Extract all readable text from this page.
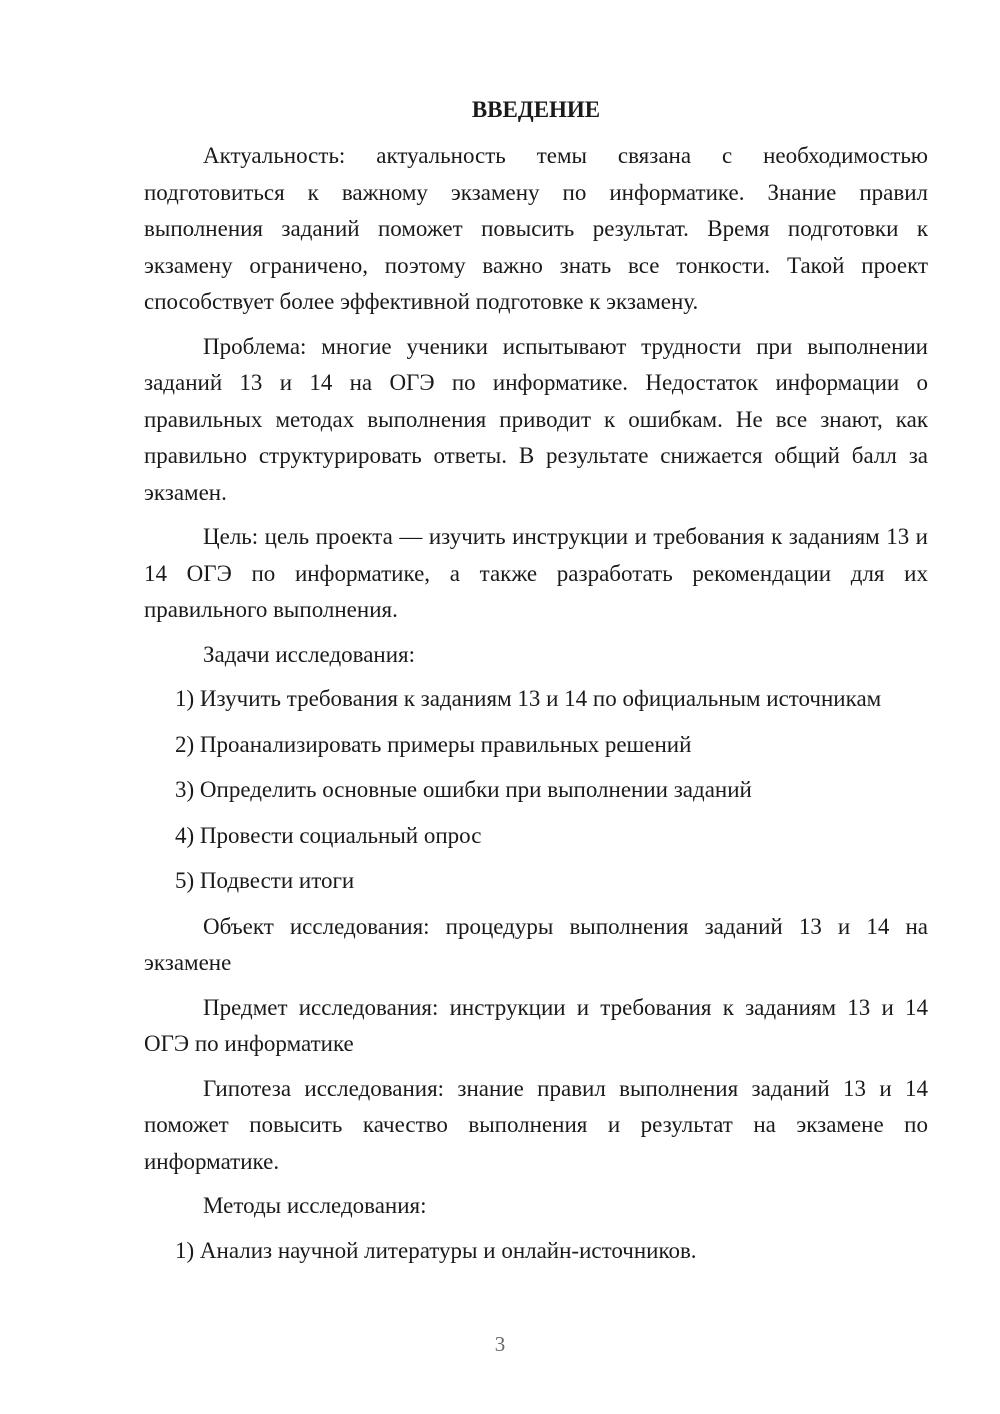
ВВЕДЕНИЕ

Актуальность: актуальность темы связана с необходимостью подготовиться к важному экзамену по информатике. Знание правил выполнения заданий поможет повысить результат. Время подготовки к экзамену ограничено, поэтому важно знать все тонкости. Такой проект способствует более эффективной подготовке к экзамену.

Проблема: многие ученики испытывают трудности при выполнении заданий 13 и 14 на ОГЭ по информатике. Недостаток информации о правильных методах выполнения приводит к ошибкам. Не все знают, как правильно структурировать ответы. В результате снижается общий балл за экзамен.

Цель: цель проекта — изучить инструкции и требования к заданиям 13 и 14 ОГЭ по информатике, а также разработать рекомендации для их правильного выполнения.

Задачи исследования:

1) Изучить требования к заданиям 13 и 14 по официальным источникам

2) Проанализировать примеры правильных решений

3) Определить основные ошибки при выполнении заданий

4) Провести социальный опрос

5) Подвести итоги

Объект исследования: процедуры выполнения заданий 13 и 14 на экзамене

Предмет исследования: инструкции и требования к заданиям 13 и 14 ОГЭ по информатике

Гипотеза исследования: знание правил выполнения заданий 13 и 14 поможет повысить качество выполнения и результат на экзамене по информатике.

Методы исследования:

1) Анализ научной литературы и онлайн-источников.

3
